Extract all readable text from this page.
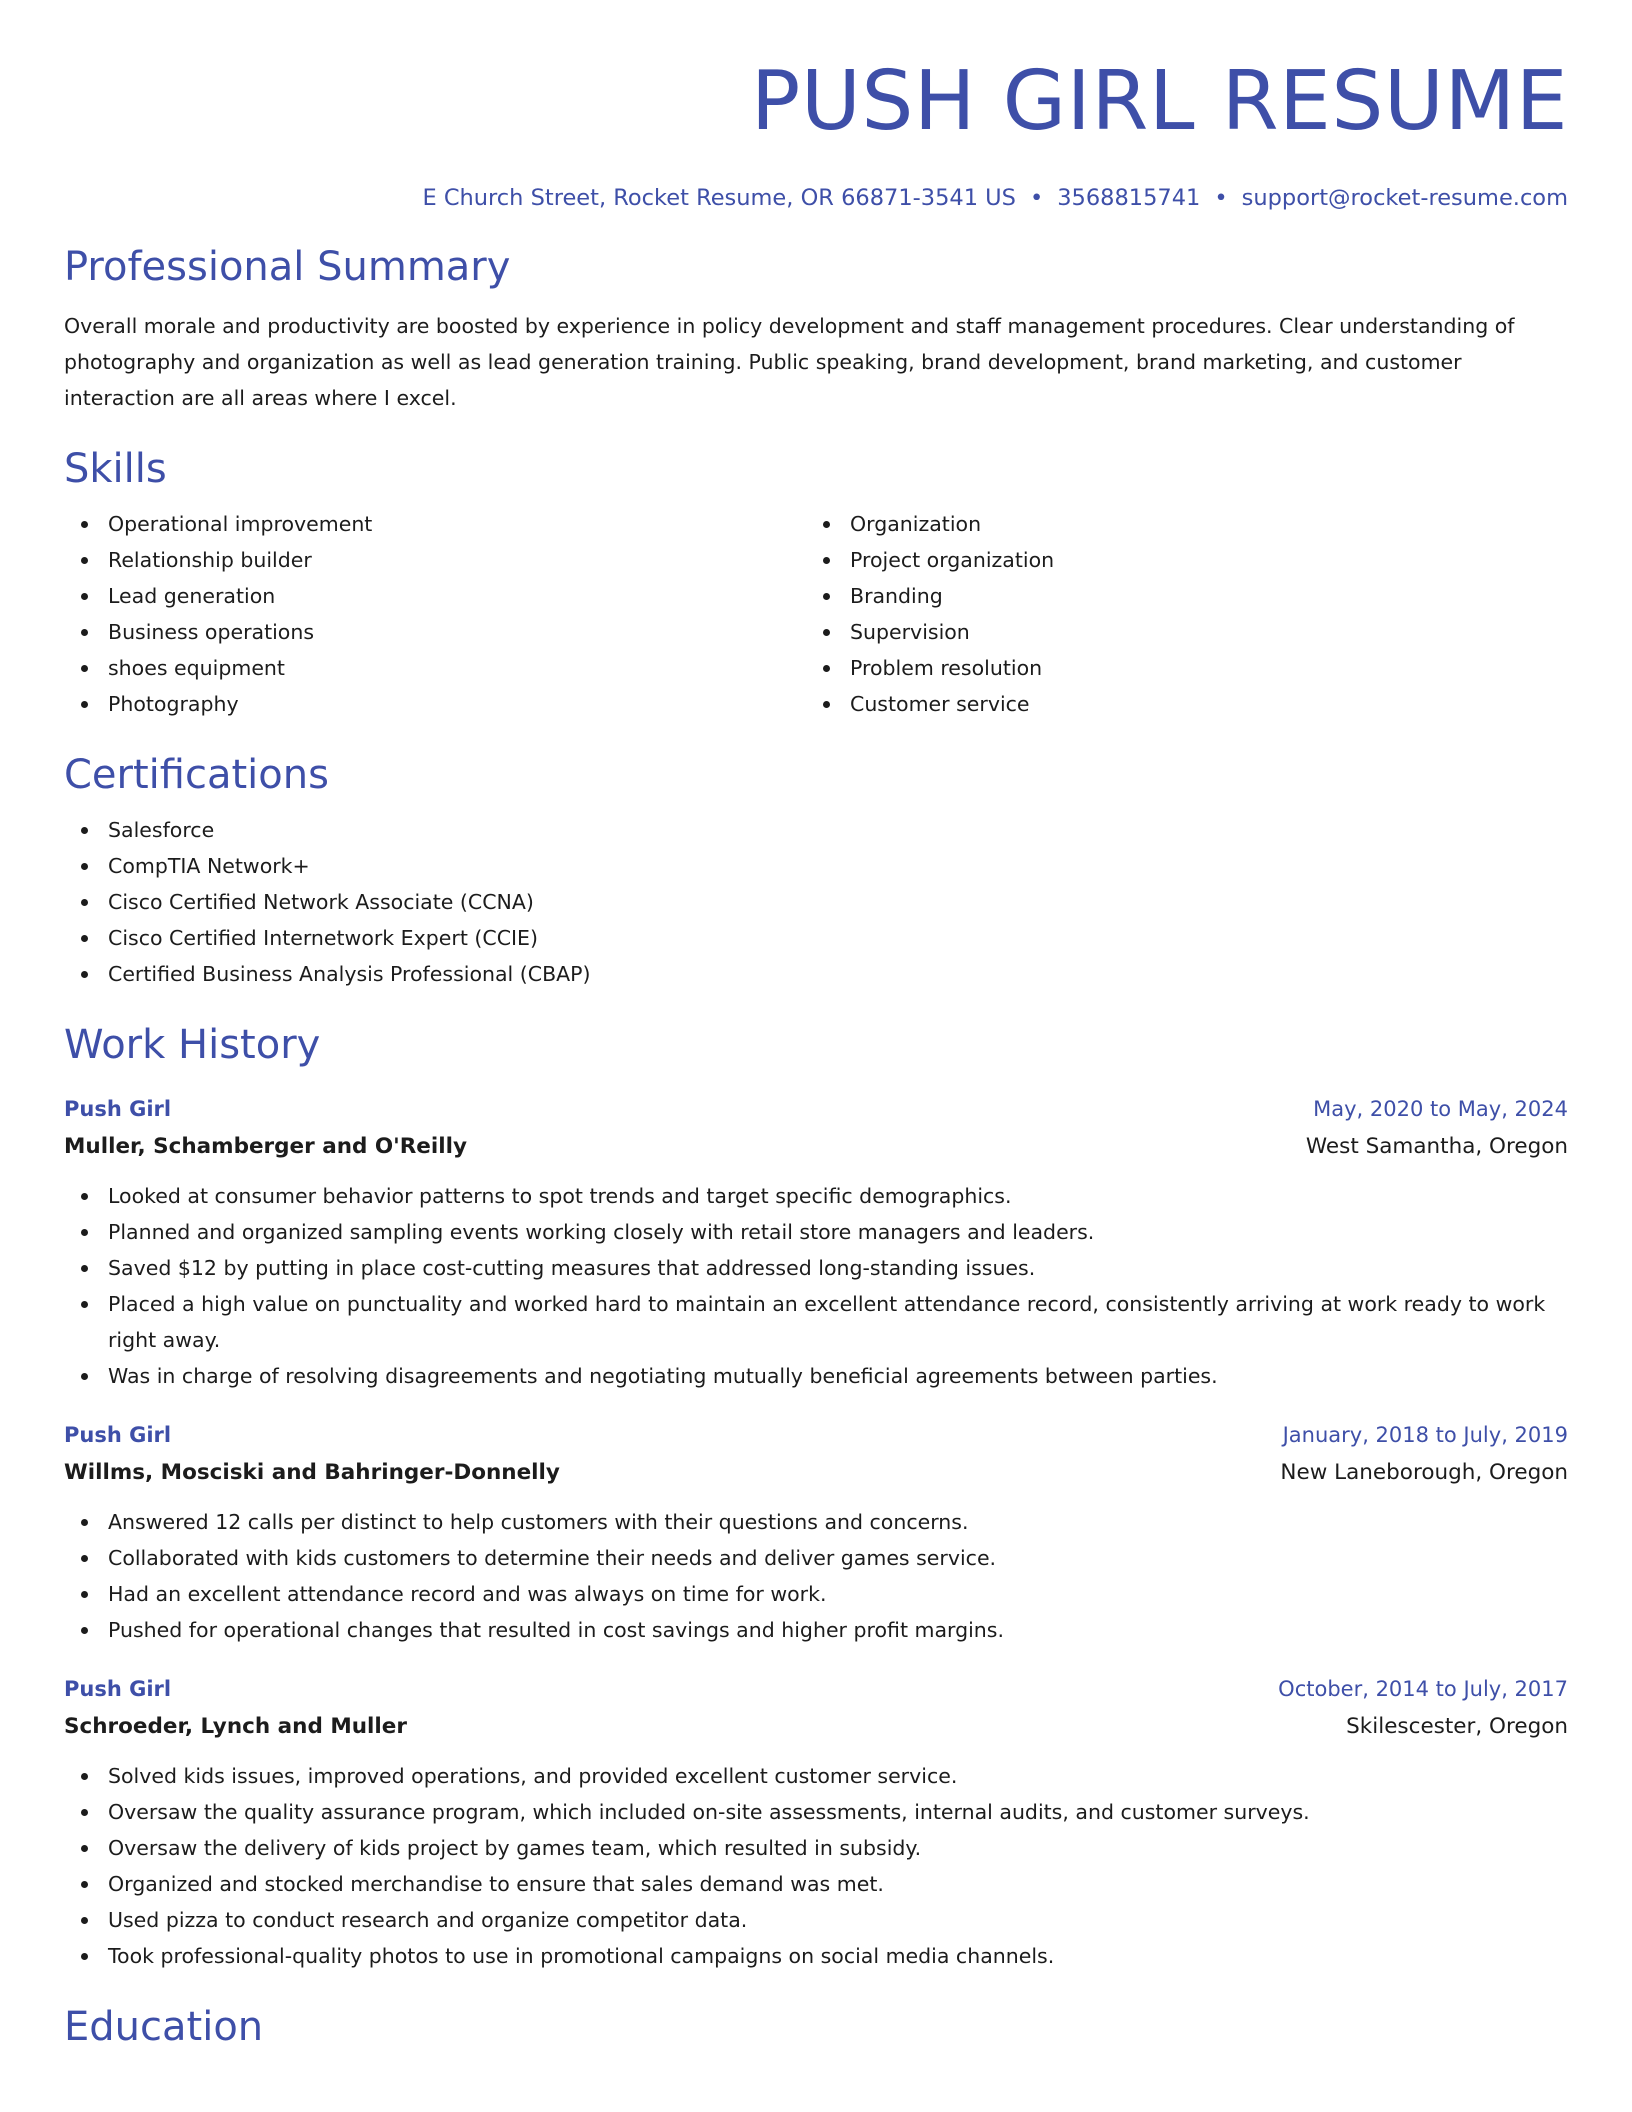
PUSH GIRL RESUME
E Church Street, Rocket Resume, OR 66871-3541 US • 3568815741 • support@rocket-resume.com
Professional Summary

Overall morale and productivity are boosted by experience in policy development and staff management procedures. Clear understanding of photography and organization as well as lead generation training. Public speaking, brand development, brand marketing, and customer interaction are all areas where I excel.

Skills
Operational improvement
Relationship builder
Lead generation
Business operations
shoes equipment
Photography
Organization
Project organization
Branding
Supervision
Problem resolution
Customer service
Certifications
Salesforce
CompTIA Network+
Cisco Certified Network Associate (CCNA)
Cisco Certified Internetwork Expert (CCIE)
Certified Business Analysis Professional (CBAP)
Work History
Push Girl	May, 2020 to May, 2024
Muller, Schamberger and O'Reilly	West Samantha, Oregon
Looked at consumer behavior patterns to spot trends and target specific demographics.
Planned and organized sampling events working closely with retail store managers and leaders.
Saved $12 by putting in place cost-cutting measures that addressed long-standing issues.
Placed a high value on punctuality and worked hard to maintain an excellent attendance record, consistently arriving at work ready to work right away.
Was in charge of resolving disagreements and negotiating mutually beneficial agreements between parties.
Push Girl	January, 2018 to July, 2019
Willms, Mosciski and Bahringer-Donnelly	New Laneborough, Oregon
Answered 12 calls per distinct to help customers with their questions and concerns.
Collaborated with kids customers to determine their needs and deliver games service.
Had an excellent attendance record and was always on time for work.
Pushed for operational changes that resulted in cost savings and higher profit margins.
Push Girl	October, 2014 to July, 2017
Schroeder, Lynch and Muller	Skilescester, Oregon
Solved kids issues, improved operations, and provided excellent customer service.
Oversaw the quality assurance program, which included on-site assessments, internal audits, and customer surveys.
Oversaw the delivery of kids project by games team, which resulted in subsidy.
Organized and stocked merchandise to ensure that sales demand was met.
Used pizza to conduct research and organize competitor data.
Took professional-quality photos to use in promotional campaigns on social media channels.
Education
